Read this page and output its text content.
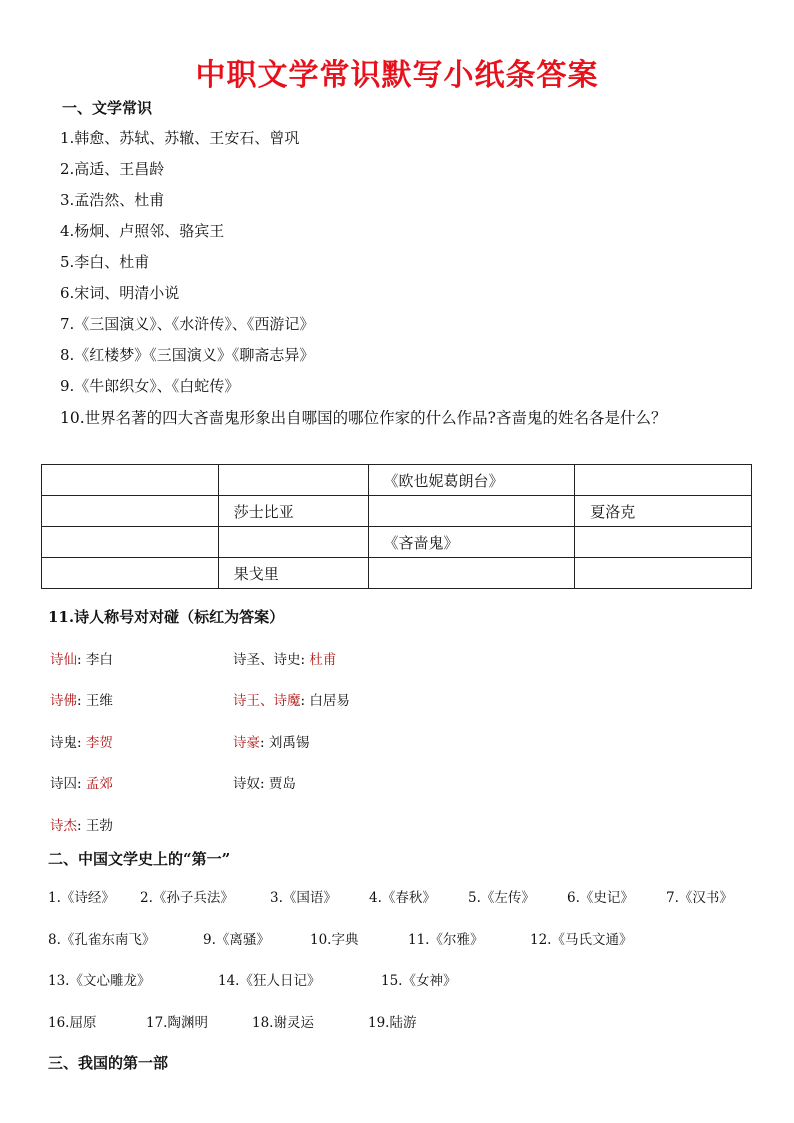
中职文学常识默写小纸条答案
一、文学常识
1.韩愈、苏轼、苏辙、王安石、曾巩
2.高适、王昌龄
3.孟浩然、杜甫
4.杨炯、卢照邻、骆宾王
5.李白、杜甫
6.宋词、明清小说
7.《三国演义》、《水浒传》、《西游记》
8.《红楼梦》《三国演义》《聊斋志异》
9.《牛郎织女》、《白蛇传》
10.世界名著的四大吝啬鬼形象出自哪国的哪位作家的什么作品?吝啬鬼的姓名各是什么？
		《欧也妮葛朗台》	
	莎士比亚		夏洛克
		《吝啬鬼》	
	果戈里		
11.诗人称号对对碰（标红为答案）
诗仙: 李白	诗圣、诗史: 杜甫
诗佛: 王维	诗王、诗魔: 白居易
诗鬼: 李贺	诗豪: 刘禹锡
诗囚: 孟郊	诗奴: 贾岛
诗杰: 王勃
二、中国文学史上的“第一”
1.《诗经》 2.《孙子兵法》	3.《国语》 4.《春秋》 5.《左传》 6.《史记》 7.《汉书》
8.《孔雀东南飞》	9.《离骚》	10.字典	11.《尔雅》	12.《马氏文通》
13.《文心雕龙》	14.《狂人日记》	15.《女神》
16.屈原	17.陶渊明	18.谢灵运	19.陆游
三、我国的第一部
